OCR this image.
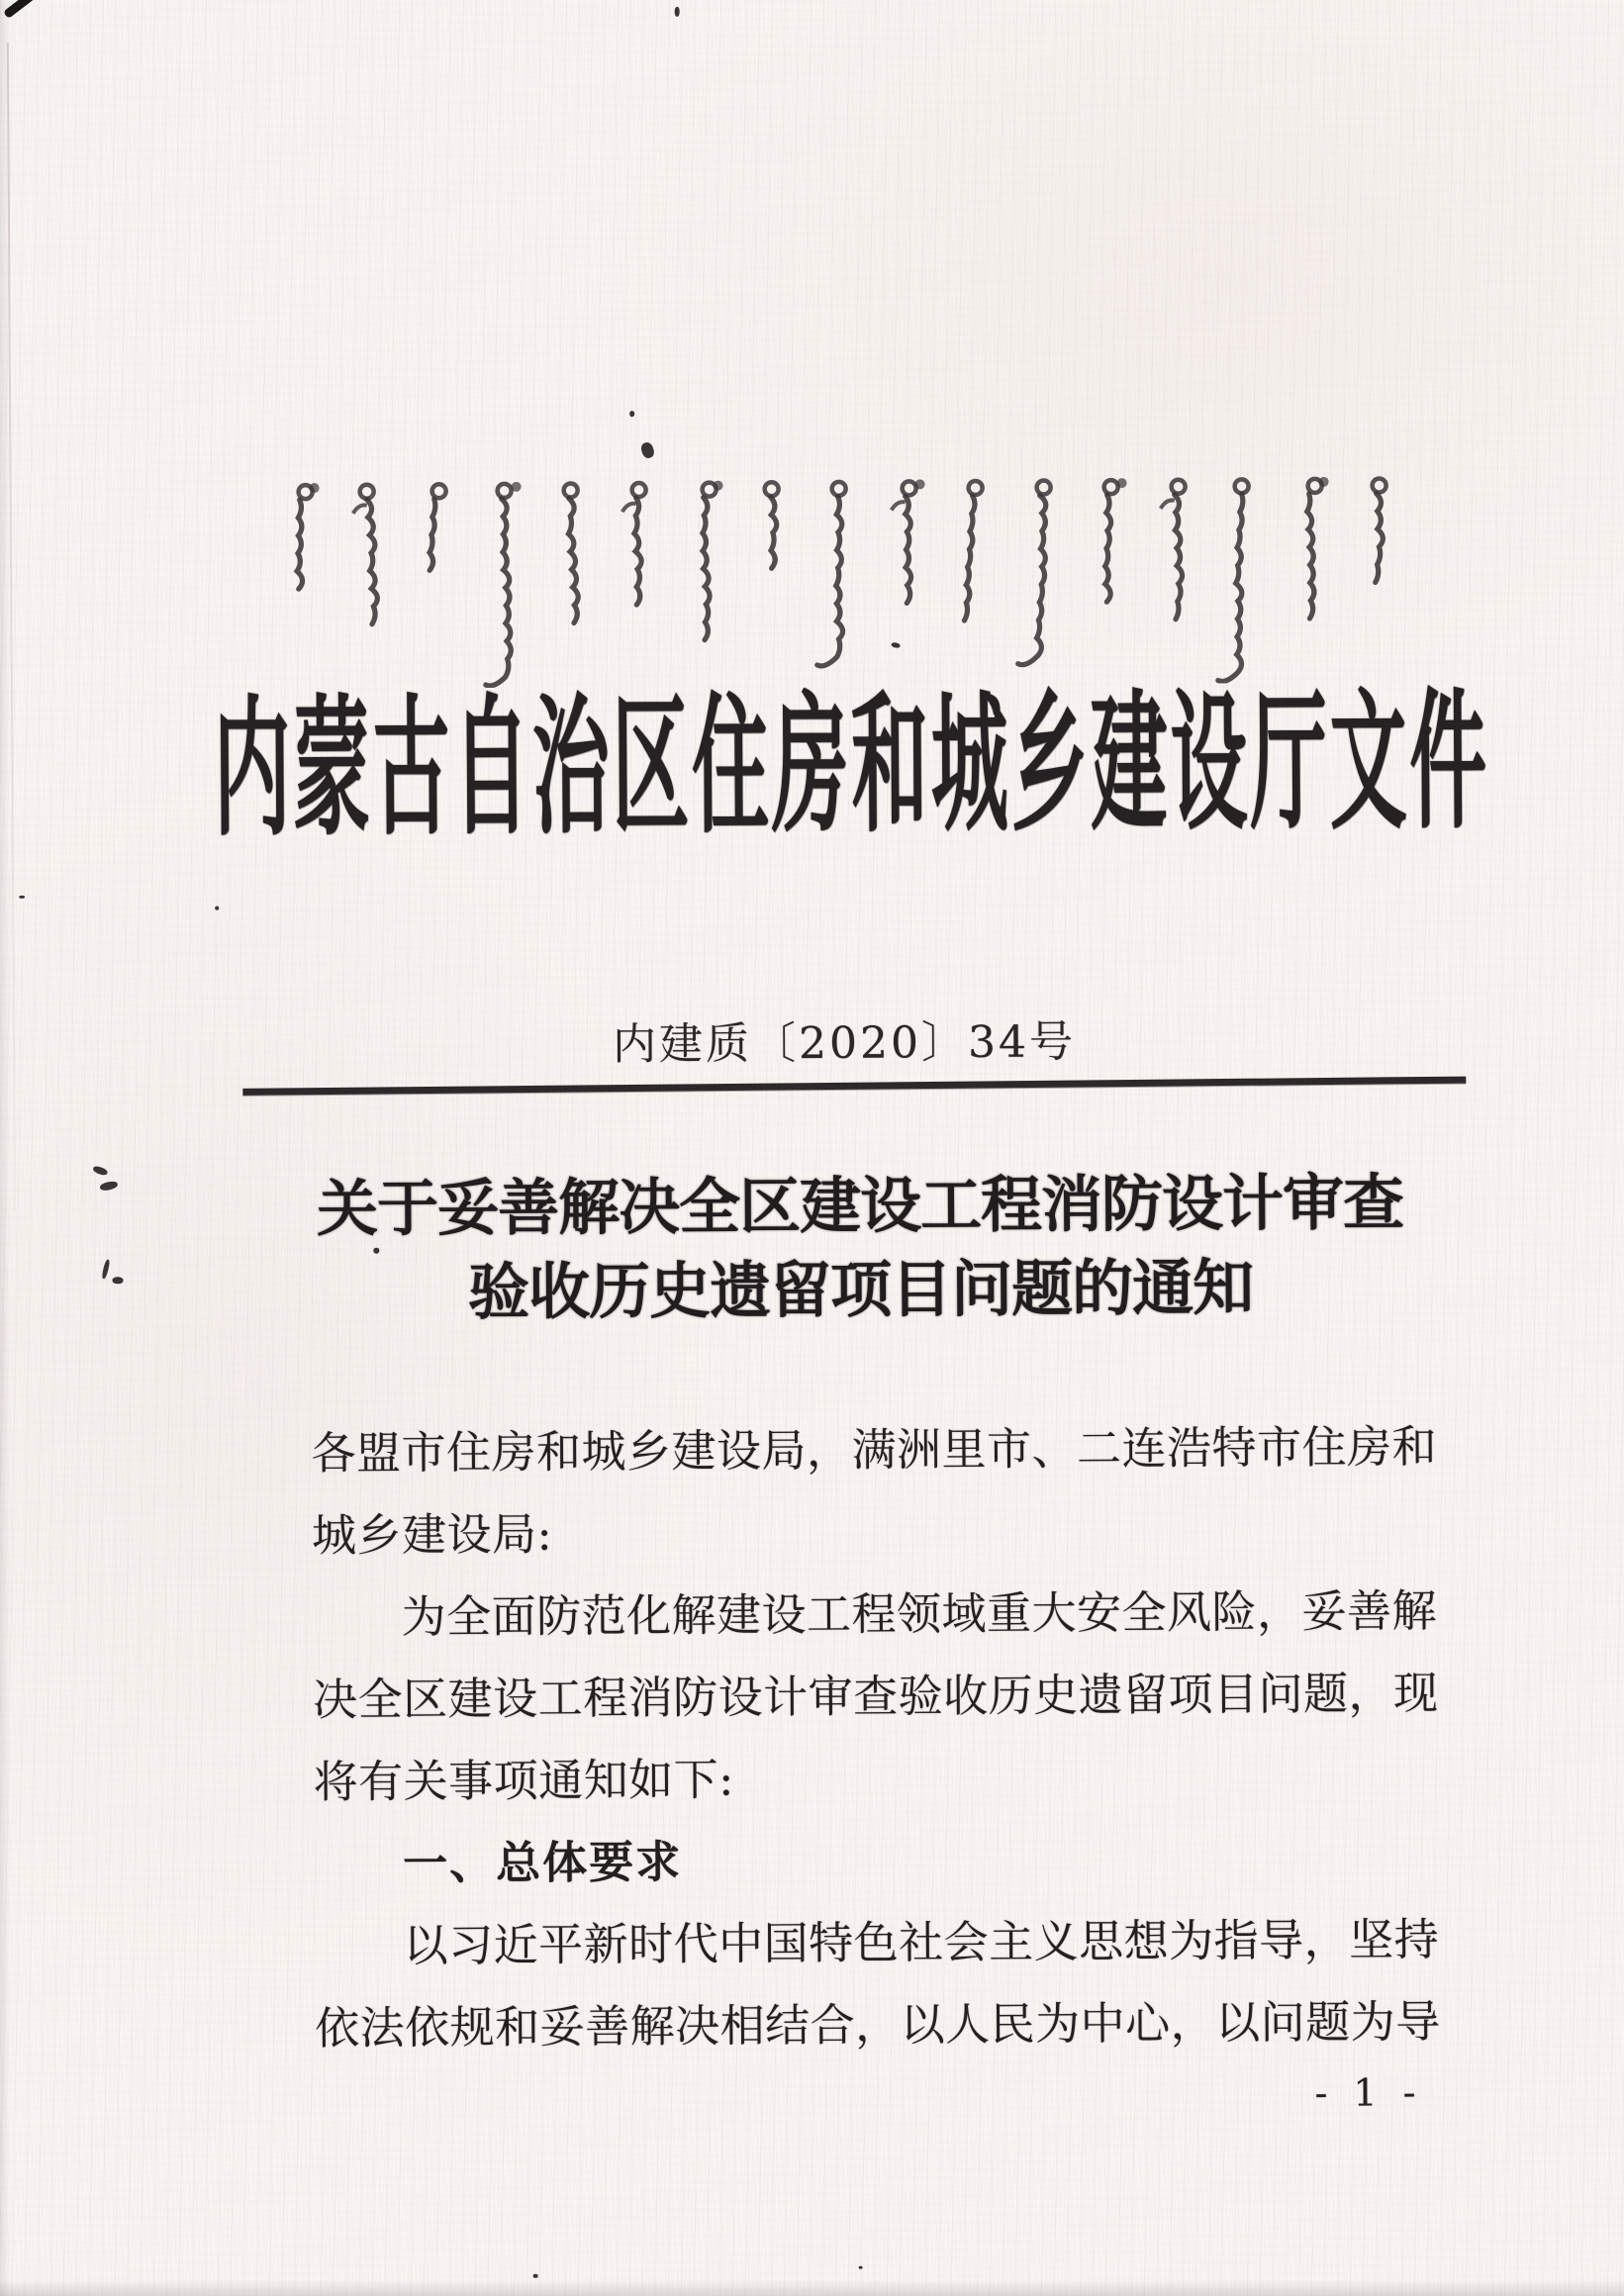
内蒙古自治区住房和城乡建设厅文件
内建质〔2020〕34号
关于妥善解决全区建设工程消防设计审查
验收历史遗留项目问题的通知

各盟市住房和城乡建设局，满洲里市、二连浩特市住房和城乡建设局:

为全面防范化解建设工程领域重大安全风险，妥善解决全区建设工程消防设计审查验收历史遗留项目问题，现将有关事项通知如下:

一、总体要求

以习近平新时代中国特色社会主义思想为指导，坚持依法依规和妥善解决相结合，以人民为中心，以问题为导

- 1 -
